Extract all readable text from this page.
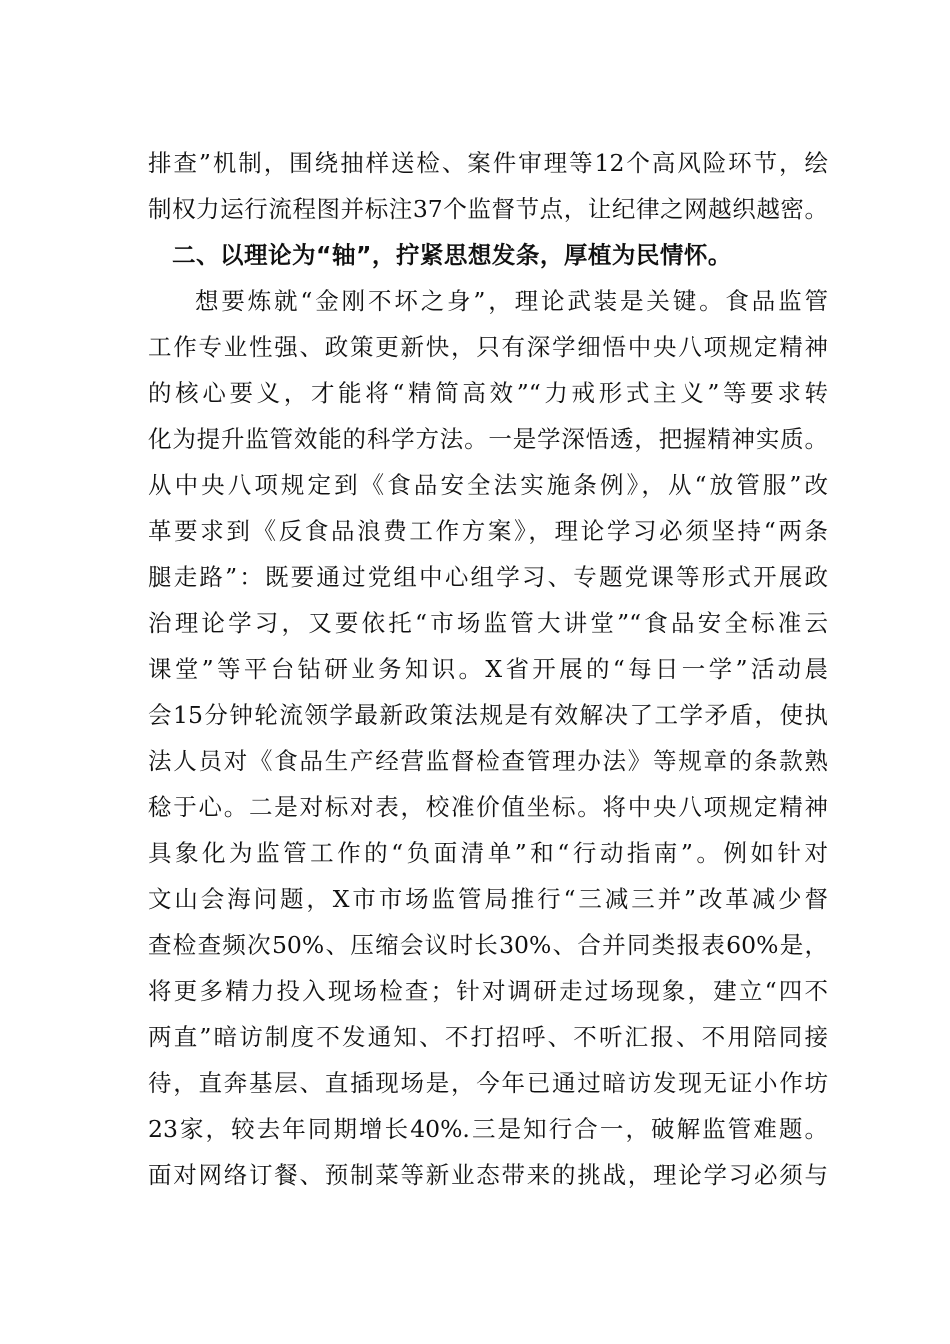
排查”机制，围绕抽样送检、案件审理等12个高风险环节，绘
制权力运行流程图并标注37个监督节点，让纪律之网越织越密。
二、以理论为“轴”，拧紧思想发条，厚植为民情怀。
想要炼就“金刚不坏之身”，理论武装是关键。食品监管
工作专业性强、政策更新快，只有深学细悟中央八项规定精神
的核心要义，才能将“精简高效”“力戒形式主义”等要求转
化为提升监管效能的科学方法。一是学深悟透，把握精神实质。
从中央八项规定到《食品安全法实施条例》，从“放管服”改
革要求到《反食品浪费工作方案》，理论学习必须坚持“两条
腿走路”：既要通过党组中心组学习、专题党课等形式开展政
治理论学习，又要依托“市场监管大讲堂”“食品安全标准云
课堂”等平台钻研业务知识。X省开展的“每日一学”活动晨
会15分钟轮流领学最新政策法规是有效解决了工学矛盾，使执
法人员对《食品生产经营监督检查管理办法》等规章的条款熟
稔于心。二是对标对表，校准价值坐标。将中央八项规定精神
具象化为监管工作的“负面清单”和“行动指南”。例如针对
文山会海问题，X市市场监管局推行“三减三并”改革减少督
查检查频次50%、压缩会议时长30%、合并同类报表60%是，
将更多精力投入现场检查；针对调研走过场现象，建立“四不
两直”暗访制度不发通知、不打招呼、不听汇报、不用陪同接
待，直奔基层、直插现场是，今年已通过暗访发现无证小作坊
23家，较去年同期增长40%.三是知行合一，破解监管难题。
面对网络订餐、预制菜等新业态带来的挑战，理论学习必须与
